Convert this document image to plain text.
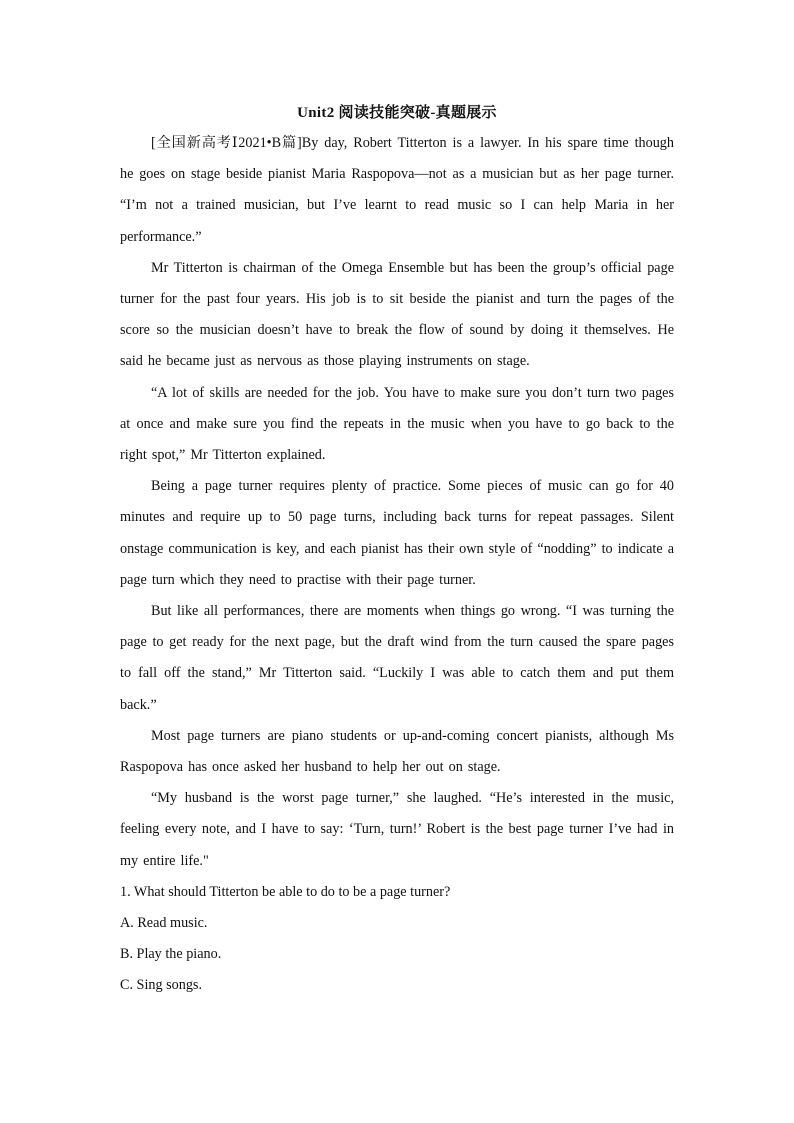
Unit2 阅读技能突破-真题展示

[全国新高考Ⅰ2021•B篇]By day, Robert Titterton is a lawyer. In his spare time though he goes on stage beside pianist Maria Raspopova—not as a musician but as her page turner. “I’m not a trained musician, but I’ve learnt to read music so I can help Maria in her performance.”

Mr Titterton is chairman of the Omega Ensemble but has been the group’s official page turner for the past four years. His job is to sit beside the pianist and turn the pages of the score so the musician doesn’t have to break the flow of sound by doing it themselves. He said he became just as nervous as those playing instruments on stage.

“A lot of skills are needed for the job. You have to make sure you don’t turn two pages at once and make sure you find the repeats in the music when you have to go back to the right spot,” Mr Titterton explained.

Being a page turner requires plenty of practice. Some pieces of music can go for 40 minutes and require up to 50 page turns, including back turns for repeat passages. Silent onstage communication is key, and each pianist has their own style of “nodding” to indicate a page turn which they need to practise with their page turner.

But like all performances, there are moments when things go wrong. “I was turning the page to get ready for the next page, but the draft wind from the turn caused the spare pages to fall off the stand,” Mr Titterton said. “Luckily I was able to catch them and put them back.”

Most page turners are piano students or up-and-coming concert pianists, although Ms Raspopova has once asked her husband to help her out on stage.

“My husband is the worst page turner,” she laughed. “He’s interested in the music, feeling every note, and I have to say: ‘Turn, turn!’ Robert is the best page turner I’ve had in my entire life."

1. What should Titterton be able to do to be a page turner?

A. Read music.

B. Play the piano.

C. Sing songs.
